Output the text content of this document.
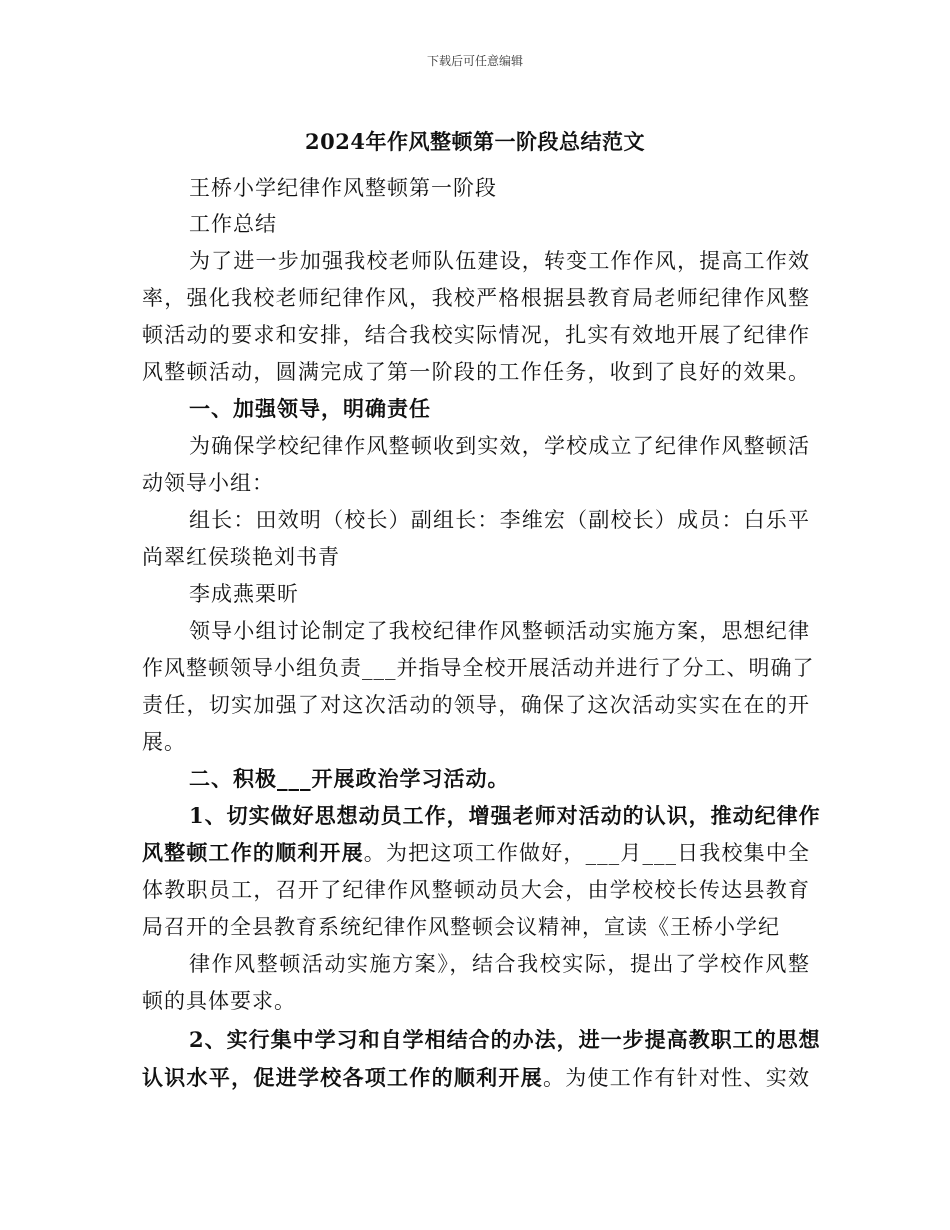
下载后可任意编辑
2024年作风整顿第一阶段总结范文
王桥小学纪律作风整顿第一阶段
工作总结
为了进一步加强我校老师队伍建设，转变工作作风，提高工作效
率，强化我校老师纪律作风，我校严格根据县教育局老师纪律作风整
顿活动的要求和安排，结合我校实际情况，扎实有效地开展了纪律作
风整顿活动，圆满完成了第一阶段的工作任务，收到了良好的效果。
一、加强领导，明确责任
为确保学校纪律作风整顿收到实效，学校成立了纪律作风整顿活
动领导小组：
组长：田效明（校长）副组长：李维宏（副校长）成员：白乐平
尚翠红侯琰艳刘书青
李成燕栗昕
领导小组讨论制定了我校纪律作风整顿活动实施方案，思想纪律
作风整顿领导小组负责___并指导全校开展活动并进行了分工、明确了
责任，切实加强了对这次活动的领导，确保了这次活动实实在在的开
展。
二、积极___开展政治学习活动。
1、切实做好思想动员工作，增强老师对活动的认识，推动纪律作
风整顿工作的顺利开展。为把这项工作做好，___月___日我校集中全
体教职员工，召开了纪律作风整顿动员大会，由学校校长传达县教育
局召开的全县教育系统纪律作风整顿会议精神，宣读《王桥小学纪
律作风整顿活动实施方案》，结合我校实际，提出了学校作风整
顿的具体要求。
2、实行集中学习和自学相结合的办法，进一步提高教职工的思想
认识水平，促进学校各项工作的顺利开展。为使工作有针对性、实效
